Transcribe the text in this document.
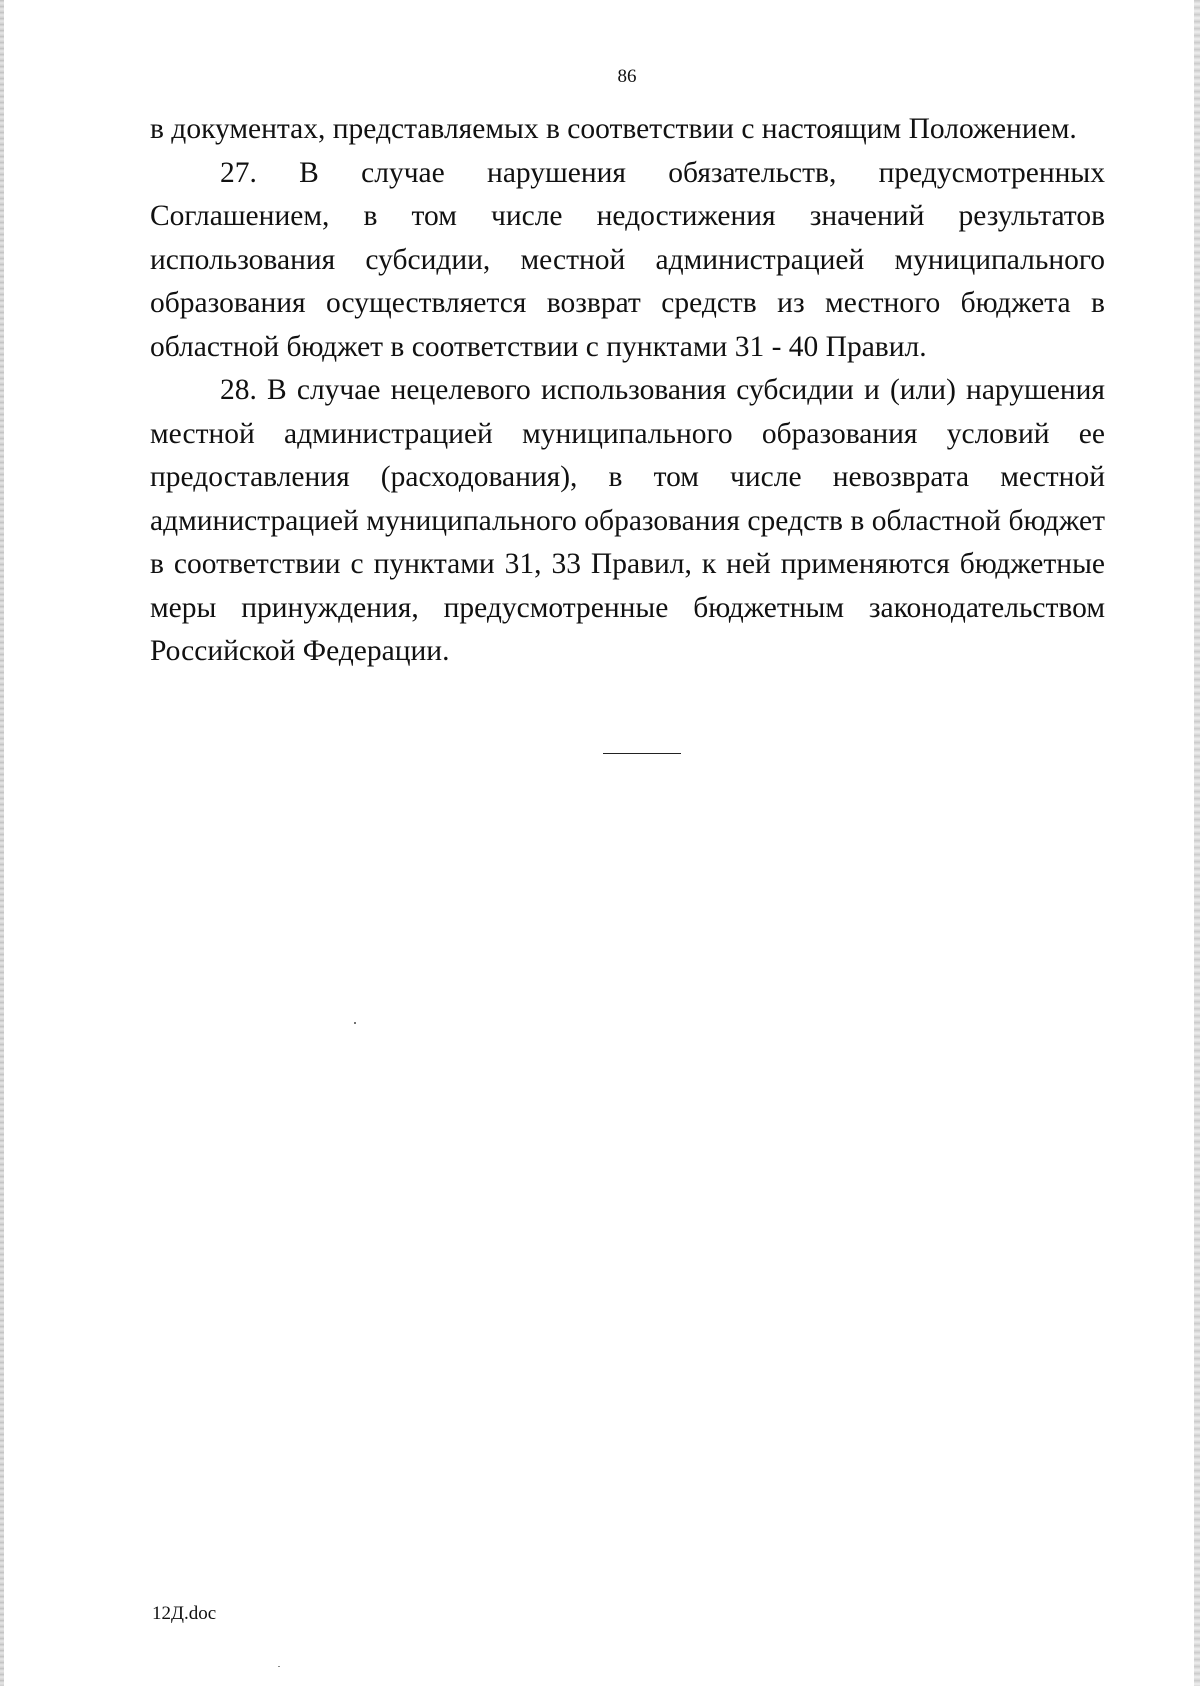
86

в документах, представляемых в соответствии с настоящим Положением.

27. В случае нарушения обязательств, предусмотренных Соглашением, в том числе недостижения значений результатов использования субсидии, местной администрацией муниципального образования осуществляется возврат средств из местного бюджета в областной бюджет в соответствии с пунктами 31 - 40 Правил.

28. В случае нецелевого использования субсидии и (или) нарушения местной администрацией муниципального образования условий ее предоставления (расходования), в том числе невозврата местной администрацией муниципального образования средств в областной бюджет в соответствии с пунктами 31, 33 Правил, к ней применяются бюджетные меры принуждения, предусмотренные бюджетным законодательством Российской Федерации.

12Д.doc
